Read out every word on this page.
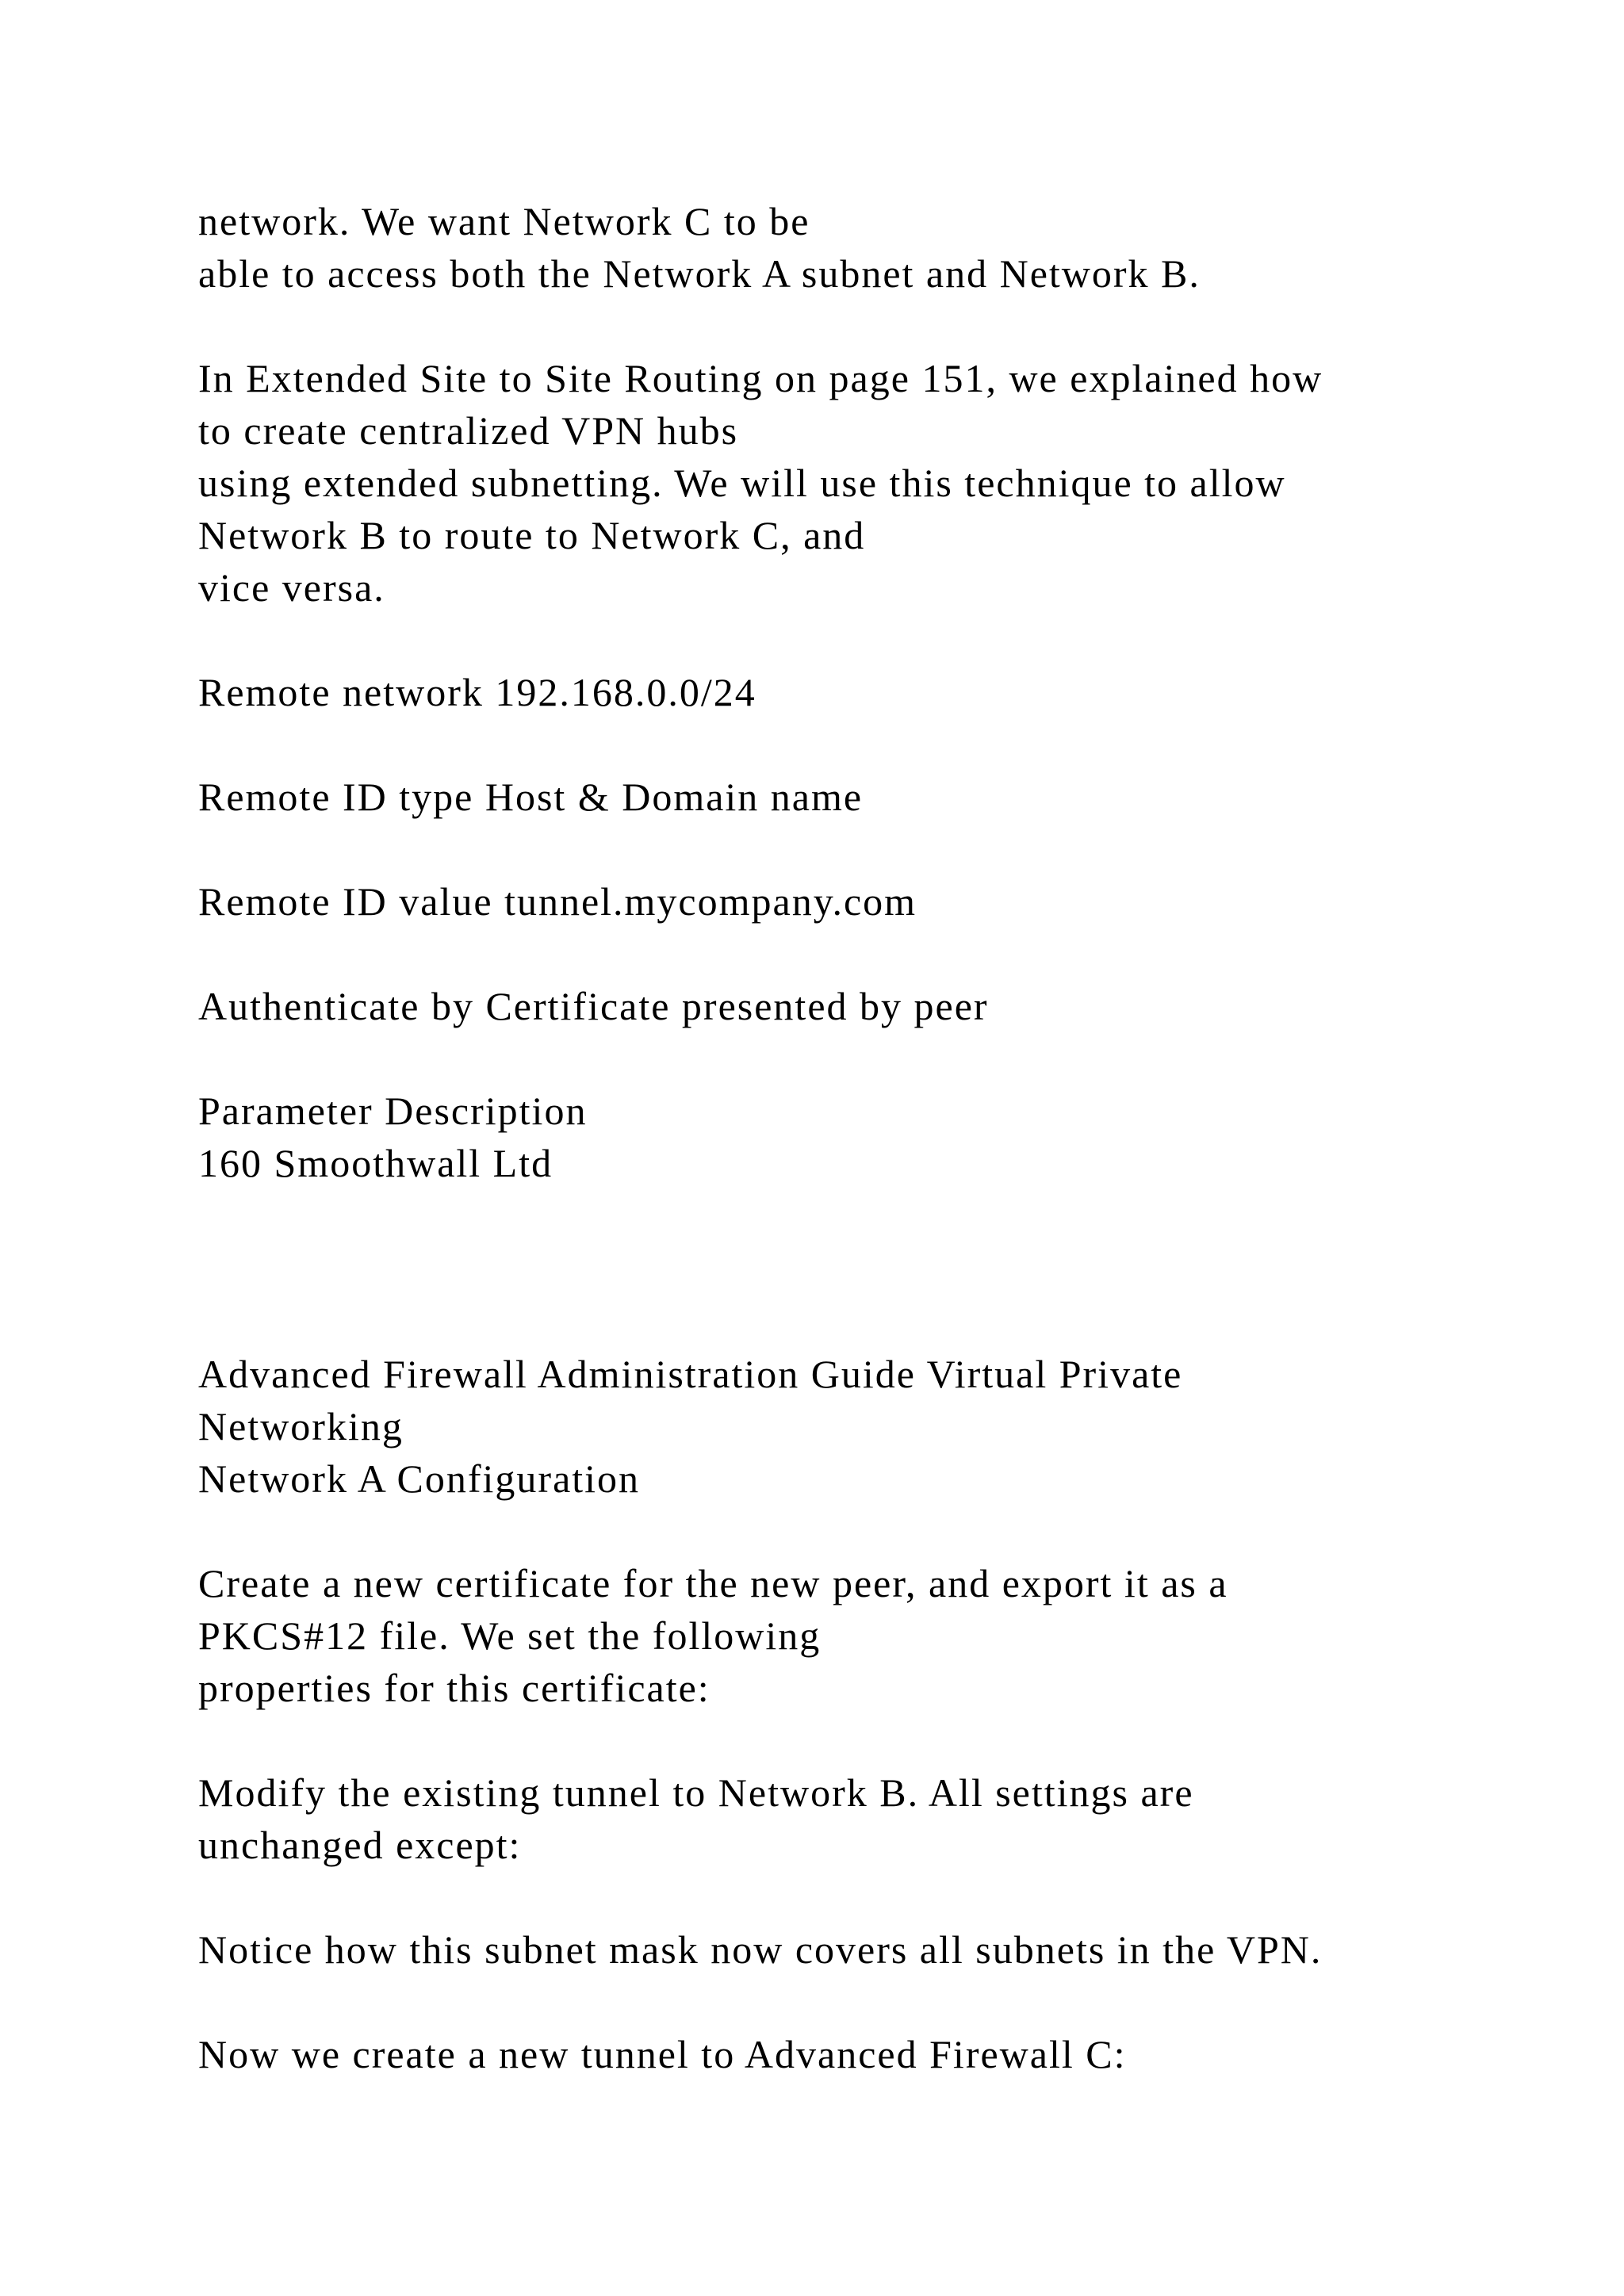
network. We want Network C to be

able to access both the Network A subnet and Network B.

In Extended Site to Site Routing on page 151, we explained how

to create centralized VPN hubs

using extended subnetting. We will use this technique to allow

Network B to route to Network C, and

vice versa.

Remote network 192.168.0.0/24

Remote ID type Host & Domain name

Remote ID value tunnel.mycompany.com

Authenticate by Certificate presented by peer

Parameter Description

160 Smoothwall Ltd

Advanced Firewall Administration Guide Virtual Private

Networking

Network A Configuration

Create a new certificate for the new peer, and export it as a

PKCS#12 file. We set the following

properties for this certificate:

Modify the existing tunnel to Network B. All settings are

unchanged except:

Notice how this subnet mask now covers all subnets in the VPN.

Now we create a new tunnel to Advanced Firewall C:
